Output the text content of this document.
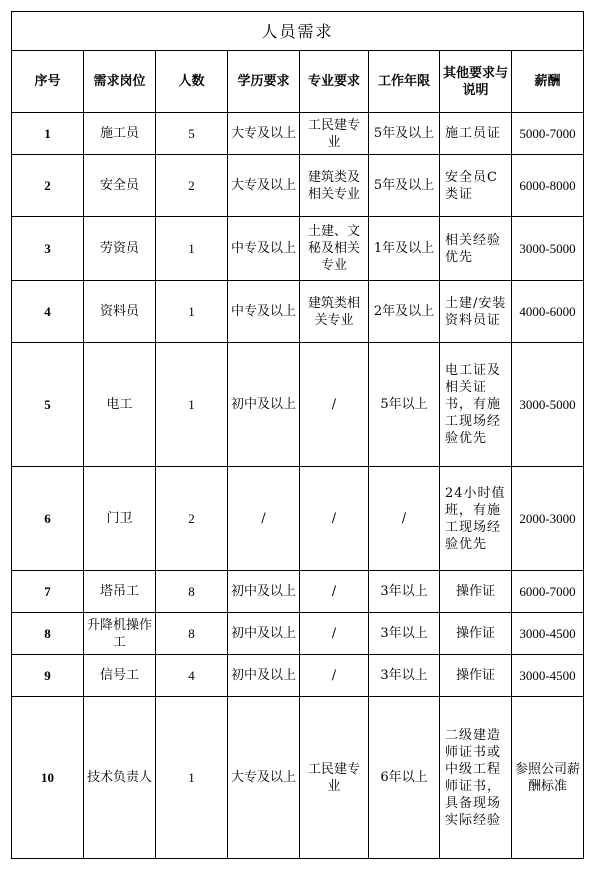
人员需求							
序号	需求岗位	人数	学历要求	专业要求	工作年限	其他要求与说明	薪酬
1	施工员	5	大专及以上	工民建专业	5年及以上	施工员证	5000-7000
2	安全员	2	大专及以上	建筑类及相关专业	5年及以上	安全员C类证	6000-8000
3	劳资员	1	中专及以上	土建、文秘及相关专业	1年及以上	相关经验优先	3000-5000
4	资料员	1	中专及以上	建筑类相关专业	2年及以上	土建/安装资料员证	4000-6000
5	电工	1	初中及以上	/	5年以上	电工证及相关证书，有施工现场经验优先	3000-5000
6	门卫	2	/	/	/	24小时值班，有施工现场经验优先	2000-3000
7	塔吊工	8	初中及以上	/	3年以上	操作证	6000-7000
8	升降机操作工	8	初中及以上	/	3年以上	操作证	3000-4500
9	信号工	4	初中及以上	/	3年以上	操作证	3000-4500
10	技术负责人	1	大专及以上	工民建专业	6年以上	二级建造师证书或中级工程师证书，具备现场实际经验	参照公司薪酬标准
